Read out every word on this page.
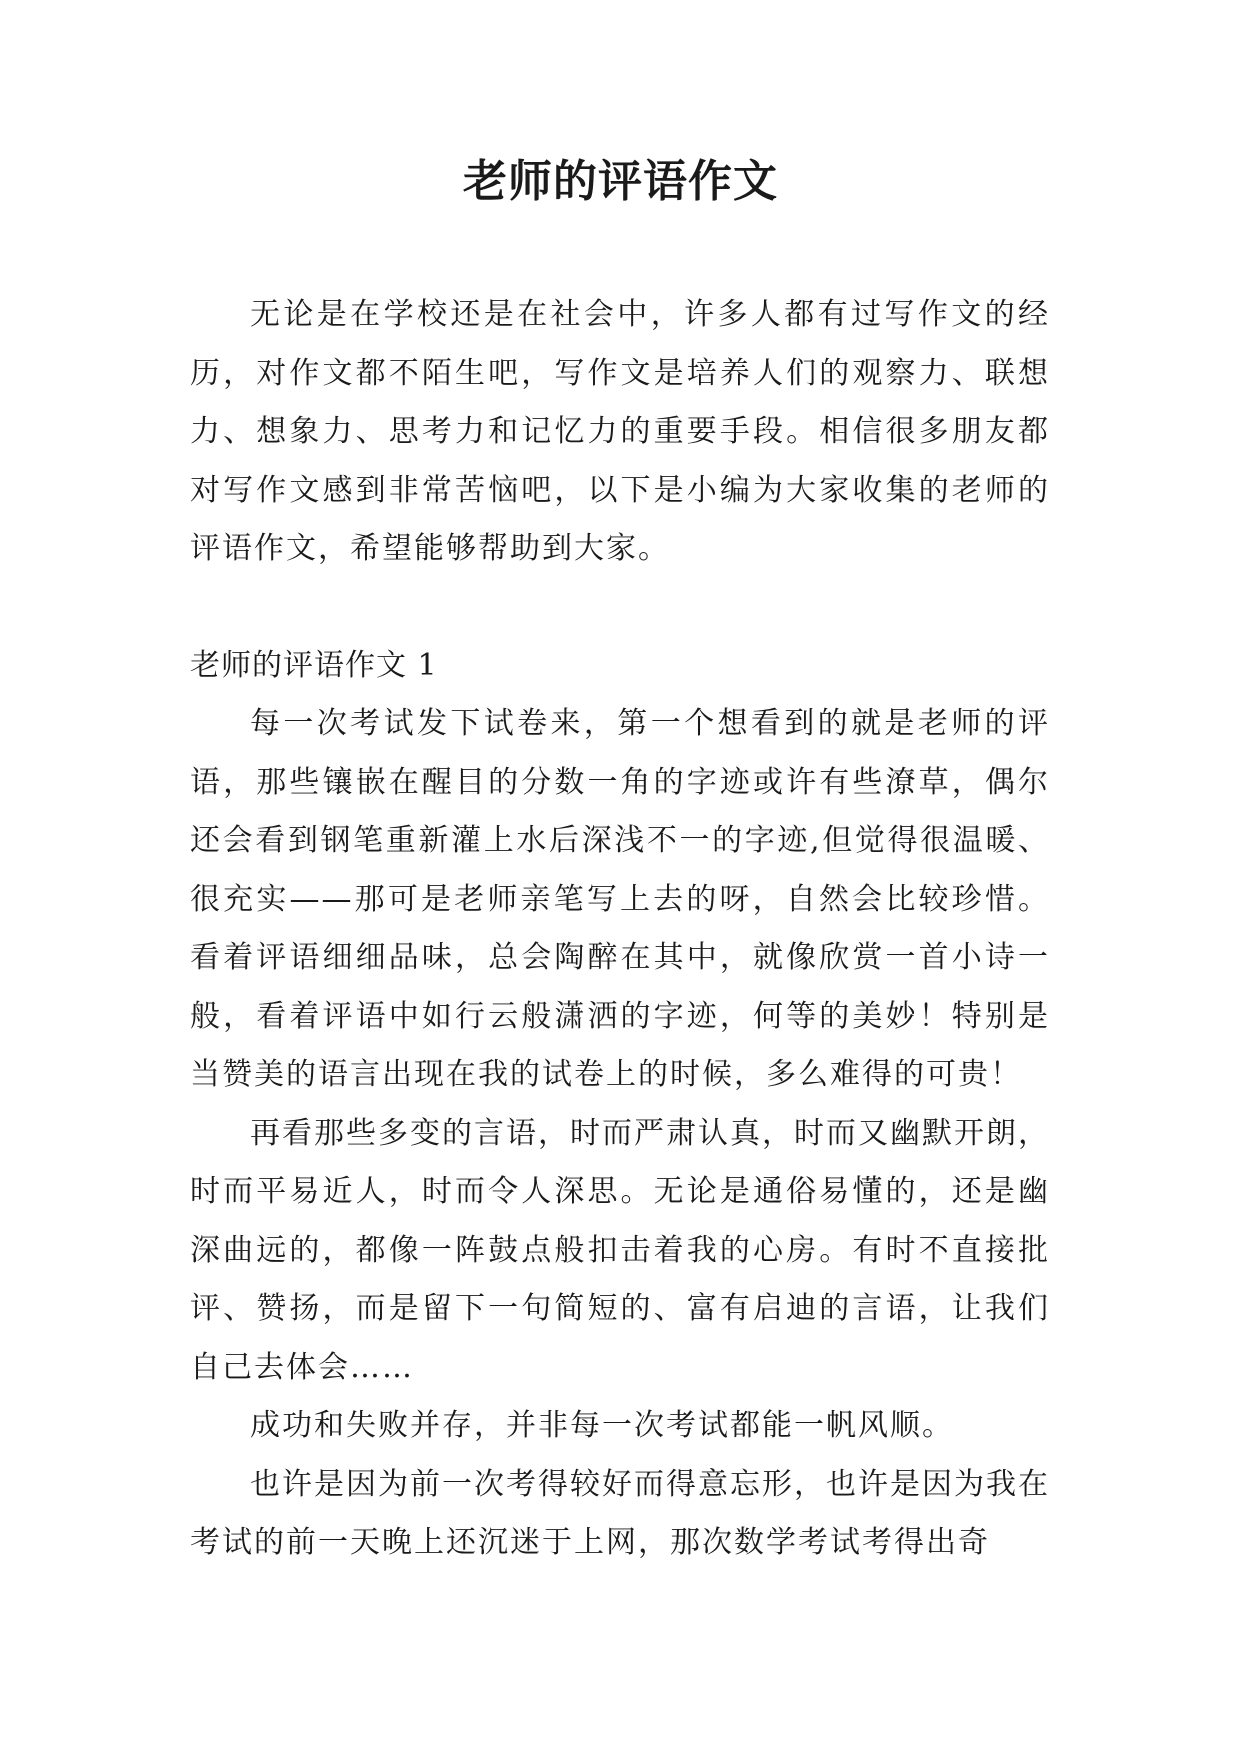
老师的评语作文

无论是在学校还是在社会中，许多人都有过写作文的经历，对作文都不陌生吧，写作文是培养人们的观察力、联想力、想象力、思考力和记忆力的重要手段。相信很多朋友都对写作文感到非常苦恼吧，以下是小编为大家收集的老师的评语作文，希望能够帮助到大家。

老师的评语作文 1

每一次考试发下试卷来，第一个想看到的就是老师的评语，那些镶嵌在醒目的分数一角的字迹或许有些潦草，偶尔还会看到钢笔重新灌上水后深浅不一的字迹,但觉得很温暖、很充实——那可是老师亲笔写上去的呀，自然会比较珍惜。看着评语细细品味，总会陶醉在其中，就像欣赏一首小诗一般，看着评语中如行云般潇洒的字迹，何等的美妙！特别是当赞美的语言出现在我的试卷上的时候，多么难得的可贵！

再看那些多变的言语，时而严肃认真，时而又幽默开朗，时而平易近人，时而令人深思。无论是通俗易懂的，还是幽深曲远的，都像一阵鼓点般扣击着我的心房。有时不直接批评、赞扬，而是留下一句简短的、富有启迪的言语，让我们自己去体会……

成功和失败并存，并非每一次考试都能一帆风顺。

也许是因为前一次考得较好而得意忘形，也许是因为我在考试的前一天晚上还沉迷于上网，那次数学考试考得出奇
